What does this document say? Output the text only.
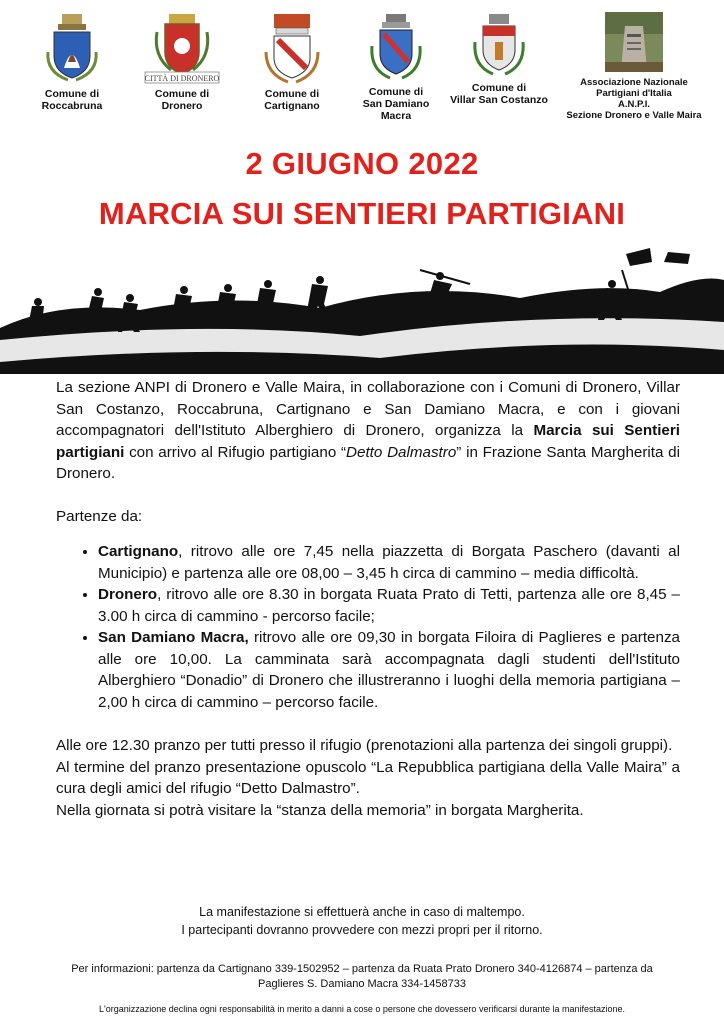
Comune di
Roccabruna
CITTÀ DI DRONERO
Comune di
Dronero
Comune di
Cartignano
Comune di
San Damiano
Macra
Comune di
Villar San Costanzo
Associazione Nazionale
Partigiani d'Italia
A.N.P.I.
Sezione Dronero e Valle Maira
2 GIUGNO 2022
MARCIA SUI SENTIERI PARTIGIANI

La sezione ANPI di Dronero e Valle Maira, in collaborazione con i Comuni di Dronero, Villar San Costanzo, Roccabruna, Cartignano e San Damiano Macra, e con i giovani accompagnatori dell'Istituto Alberghiero di Dronero, organizza la Marcia sui Sentieri partigiani con arrivo al Rifugio partigiano “Detto Dalmastro” in Frazione Santa Margherita di Dronero.

Partenze da:

• Cartignano, ritrovo alle ore 7,45 nella piazzetta di Borgata Paschero (davanti al Municipio) e partenza alle ore 08,00 – 3,45 h circa di cammino – media difficoltà.
• Dronero, ritrovo alle ore 8.30 in borgata Ruata Prato di Tetti, partenza alle ore 8,45 – 3.00 h circa di cammino - percorso facile;
• San Damiano Macra, ritrovo alle ore 09,30 in borgata Filoira di Paglieres e partenza alle ore 10,00. La camminata sarà accompagnata dagli studenti dell'Istituto Alberghiero “Donadio” di Dronero che illustreranno i luoghi della memoria partigiana – 2,00 h circa di cammino – percorso facile.

Alle ore 12.30 pranzo per tutti presso il rifugio (prenotazioni alla partenza dei singoli gruppi).

Al termine del pranzo presentazione opuscolo “La Repubblica partigiana della Valle Maira” a cura degli amici del rifugio “Detto Dalmastro”.

Nella giornata si potrà visitare la “stanza della memoria” in borgata Margherita.

La manifestazione si effettuerà anche in caso di maltempo.
I partecipanti dovranno provvedere con mezzi propri per il ritorno.
Per informazioni: partenza da Cartignano 339-1502952 – partenza da Ruata Prato Dronero 340-4126874 – partenza da Paglieres S. Damiano Macra 334-1458733
L'organizzazione declina ogni responsabilità in merito a danni a cose o persone che dovessero verificarsi durante la manifestazione.
